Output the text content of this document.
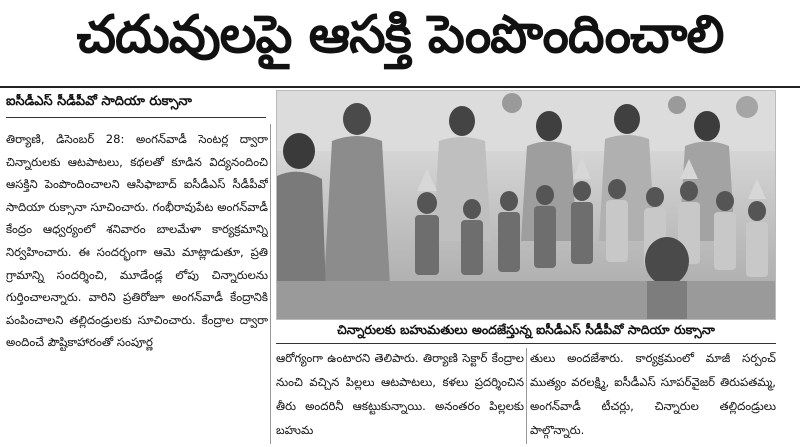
చదువులపై ఆసక్తి పెంపొందించాలి
ఐసీడీఎస్ సీడీపీవో సాదియా రుక్సానా

తిర్యాణి, డిసెంబర్ 28: అంగన్‌వాడీ సెంటర్ల ద్వారా చిన్నారులకు ఆటపాటలు, కథలతో కూడిన విద్యనందించి ఆసక్తిని పెంపొందించాలని ఆసిఫాబాద్ ఐసీడీఎస్ సీడీపీవో సాదియా రుక్సానా సూచించారు. గంభీరావుపేట అంగన్‌వాడీ కేంద్రం ఆధ్వర్యంలో శనివారం బాలమేళా కార్యక్రమాన్ని నిర్వహించారు. ఈ సందర్భంగా ఆమె మాట్లాడుతూ, ప్రతి గ్రామాన్ని సందర్శించి, మూడేండ్ల లోపు చిన్నారులను గుర్తించాలన్నారు. వారిని ప్రతిరోజూ అంగన్‌వాడీ కేంద్రానికి పంపించాలని తల్లిదండ్రులకు సూచించారు. కేంద్రాల ద్వారా అందించే పౌష్టికాహారంతో సంపూర్ణ

చిన్నారులకు బహుమతులు అందజేస్తున్న ఐసీడీఎస్ సీడీపీవో సాదియా రుక్సానా
ఆరోగ్యంగా ఉంటారని తెలిపారు. తిర్యాణి సెక్టార్ కేంద్రాల నుంచి వచ్చిన పిల్లలు ఆటపాటలు, కళలు ప్రదర్శించిన తీరు అందరినీ ఆకట్టుకున్నాయి. అనంతరం పిల్లలకు బహుమ
తులు అందజేశారు. కార్యక్రమంలో మాజీ సర్పంచ్ ముత్యం వరలక్ష్మి, ఐసీడీఎస్ సూపర్‌వైజర్ తిరుపతమ్మ, అంగన్‌వాడీ టీచర్లు, చిన్నారుల తల్లిదండ్రులు పాల్గొన్నారు.
